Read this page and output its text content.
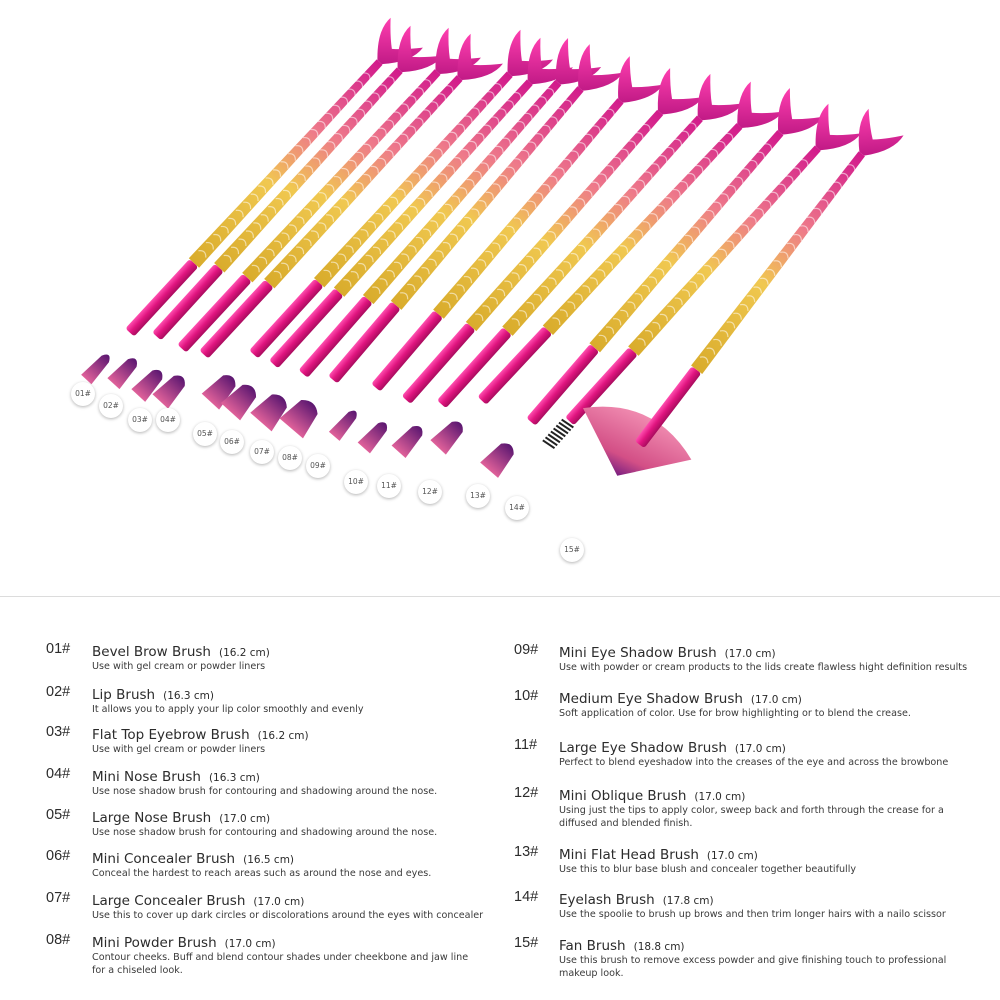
01#
02#
03#	04#
05#
06#
07#
08#
09#
10#	11#
12#	13#
14#
15#
01# Bevel Brow Brush (16.2 cm)
Use with gel cream or powder liners
02# Lip Brush (16.3 cm)
It allows you to apply your lip color smoothly and evenly
03# Flat Top Eyebrow Brush (16.2 cm)
Use with gel cream or powder liners
04# Mini Nose Brush (16.3 cm)
Use nose shadow brush for contouring and shadowing around the nose.
05# Large Nose Brush (17.0 cm)
Use nose shadow brush for contouring and shadowing around the nose.
06# Mini Concealer Brush (16.5 cm)
Conceal the hardest to reach areas such as around the nose and eyes.
07# Large Concealer Brush (17.0 cm)
Use this to cover up dark circles or discolorations around the eyes with concealer
08# Mini Powder Brush (17.0 cm)
Contour cheeks. Buff and blend contour shades under cheekbone and jaw line for a chiseled look.
09# Mini Eye Shadow Brush (17.0 cm)
Use with powder or cream products to the lids create flawless hight definition results
10# Medium Eye Shadow Brush (17.0 cm)
Soft application of color. Use for brow highlighting or to blend the crease.
11# Large Eye Shadow Brush (17.0 cm)
Perfect to blend eyeshadow into the creases of the eye and across the browbone
12# Mini Oblique Brush (17.0 cm)
Using just the tips to apply color, sweep back and forth through the crease for a diffused and blended finish.
13# Mini Flat Head Brush (17.0 cm)
Use this to blur base blush and concealer together beautifully
14# Eyelash Brush (17.8 cm)
Use the spoolie to brush up brows and then trim longer hairs with a nailo scissor
15# Fan Brush (18.8 cm)
Use this brush to remove excess powder and give finishing touch to professional makeup look.
